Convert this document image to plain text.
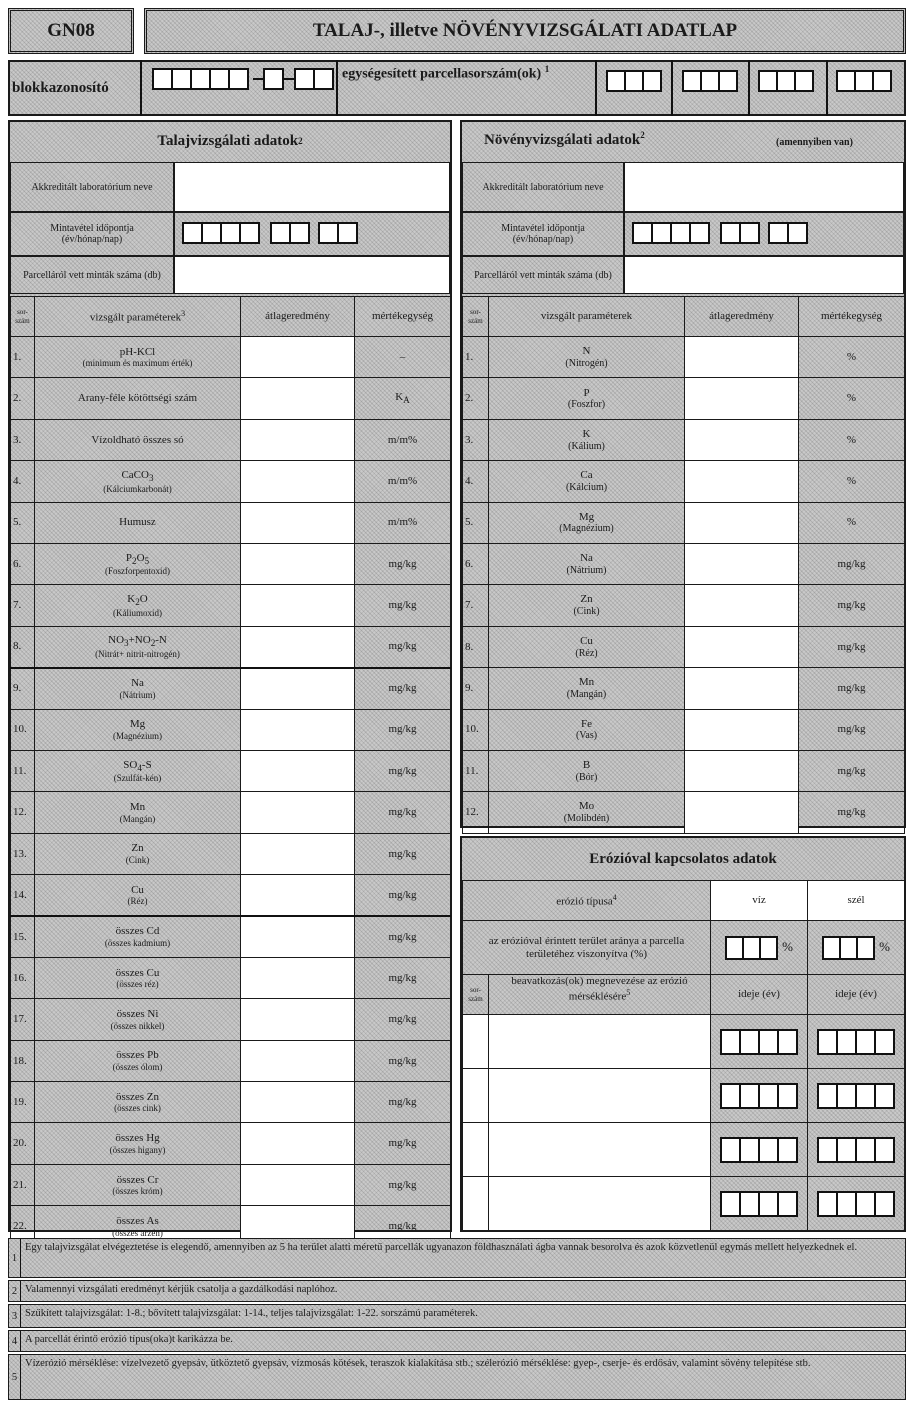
GN08	TALAJ-, illetve NÖVÉNYVIZSGÁLATI ADATLAP
blokkazonosító
egységesített parcellasorszám(ok) $^1$
Talajvizsgálati adatok 2
Akkreditált laboratórium neve
Mintavétel időpontja (év/hónap/nap)
Parcelláról vett minták száma (db)
sor-szám	vizsgált paraméterek$^3$	átlageredmény	mértékegység
1.	pH-KCl
(minimum és maximum érték)		–
2.	Arany-féle kötöttségi szám		$K_A$
3.	Vízoldható összes só		m/m%
4.	CaCO$_3$
(Kálciumkarbonát)		m/m%
5.	Humusz		m/m%
6.	$P_2O_5$
(Foszforpentoxid)		mg/kg
7.	$K_2O$
(Káliumoxid)		mg/kg
8.	$NO_3+NO_2-N$
(Nitrát+ nitrit-nitrogén)		mg/kg
9.	Na
(Nátrium)		mg/kg
10.	Mg
(Magnézium)		mg/kg
11.	$SO_4-S$
(Szulfát-kén)		mg/kg
12.	Mn
(Mangán)		mg/kg
13.	Zn
(Cink)		mg/kg
14.	Cu
(Réz)		mg/kg
15.	összes Cd
(összes kadmium)		mg/kg
16.	összes Cu
(összes réz)		mg/kg
17.	összes Ni
(összes nikkel)		mg/kg
18.	összes Pb
(összes ólom)		mg/kg
19.	összes Zn
(összes cink)		mg/kg
20.	összes Hg
(összes higany)		mg/kg
21.	összes Cr
(összes króm)		mg/kg
22.	összes As
(összes arzén)		mg/kg
Növényvizsgálati adatok$^2$
(amennyiben van)
Akkreditált laboratórium neve
Mintavétel időpontja (év/hónap/nap)
Parcelláról vett minták száma (db)
sor-szám	vizsgált paraméterek	átlageredmény	mértékegység
1.	N
(Nitrogén)		%
2.	P
(Foszfor)		%
3.	K
(Kálium)		%
4.	Ca
(Kálcium)		%
5.	Mg
(Magnézium)		%
6.	Na
(Nátrium)		mg/kg
7.	Zn
(Cink)		mg/kg
8.	Cu
(Réz)		mg/kg
9.	Mn
(Mangán)		mg/kg
10.	Fe
(Vas)		mg/kg
11.	B
(Bór)		mg/kg
12.	Mo
(Molibdén)		mg/kg
Erózióval kapcsolatos adatok
erózió típusa$^4$		víz	szél
az erózióval érintett terület aránya a parcella területéhez viszonyítva (%)		%	%

sor-szám	beavatkozás(ok) megnevezése az erózió mérséklésére$^5$	ideje (év)	ideje (év)

1
Egy talajvizsgálat elvégeztetése is elegendő, amennyiben az 5 ha terület alatti méretű parcellák ugyanazon földhasználati ágba vannak besorolva és azok közvetlenül egymás mellett helyezkednek el.
2 Valamennyi vizsgálati eredményt kérjük csatolja a gazdálkodási naplóhoz.
3 Szűkített talajvizsgálat: 1-8.; bővített talajvizsgálat: 1-14., teljes talajvizsgálat: 1-22. sorszámú paraméterek.
4 A parcellát érintő erózió típus(oka)t karikázza be.
5
Vízerózió mérséklése: vízelvezető gyepsáv, ütköztető gyepsáv, vízmosás kötések, teraszok kialakítása stb.; szélerózió mérséklése: gyep-, cserje- és erdősáv, valamint sövény telepítése stb.
